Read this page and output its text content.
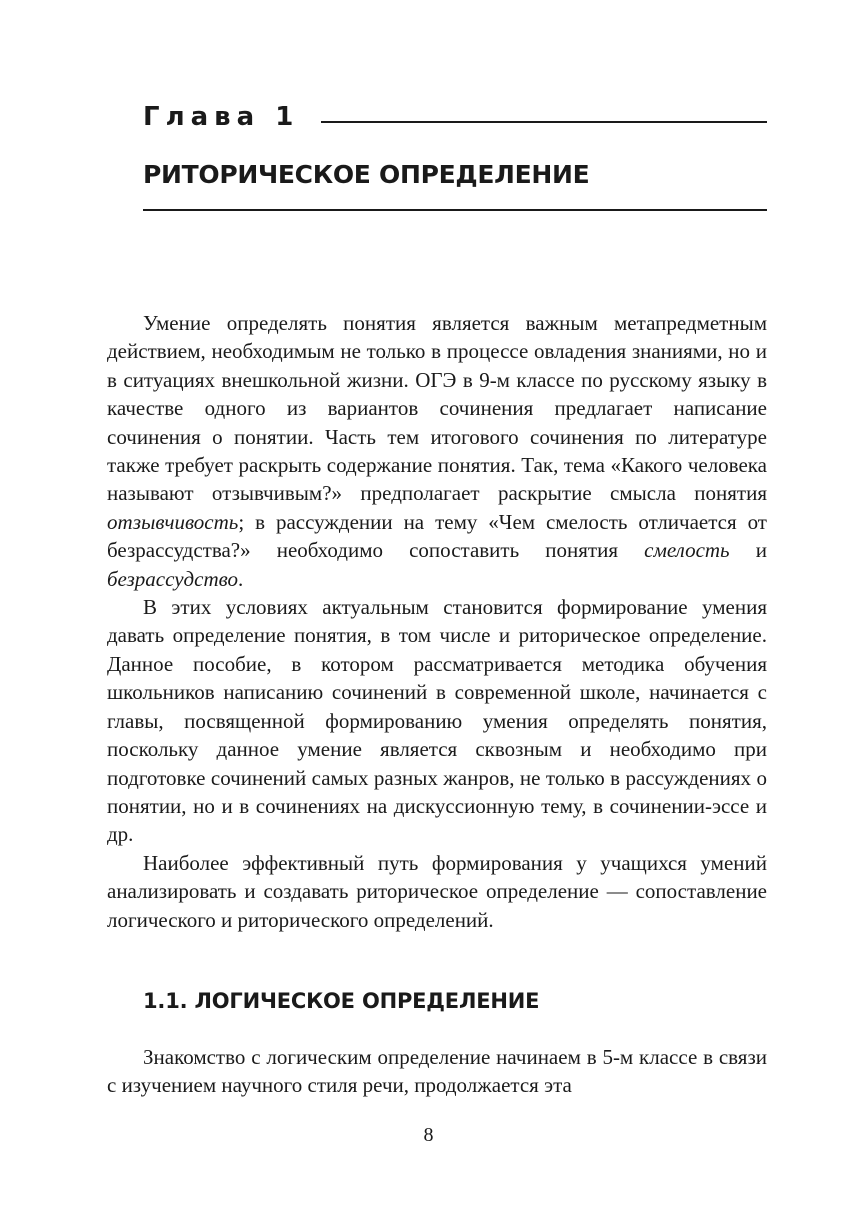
Глава 1
РИТОРИЧЕСКОЕ ОПРЕДЕЛЕНИЕ

Умение определять понятия является важным метапредметным действием, необходимым не только в процессе овладения знаниями, но и в ситуациях внешкольной жизни. ОГЭ в 9-м классе по русскому языку в качестве одного из вариантов сочинения предлагает написание сочинения о понятии. Часть тем итогового сочинения по литературе также требует раскрыть содержание понятия. Так, тема «Какого человека называют отзывчивым?» предполагает раскрытие смысла понятия отзывчивость; в рассуждении на тему «Чем смелость отличается от безрассудства?» необходимо сопоставить понятия смелость и безрассудство.

В этих условиях актуальным становится формирование умения давать определение понятия, в том числе и риторическое определение. Данное пособие, в котором рассматривается методика обучения школьников написанию сочинений в современной школе, начинается с главы, посвященной формированию умения определять понятия, поскольку данное умение является сквозным и необходимо при подготовке сочинений самых разных жанров, не только в рассуждениях о понятии, но и в сочинениях на дискуссионную тему, в сочинении-эссе и др.

Наиболее эффективный путь формирования у учащихся умений анализировать и создавать риторическое определение — сопоставление логического и риторического определений.

1.1. ЛОГИЧЕСКОЕ ОПРЕДЕЛЕНИЕ

Знакомство с логическим определение начинаем в 5-м классе в связи с изучением научного стиля речи, продолжается эта

8
